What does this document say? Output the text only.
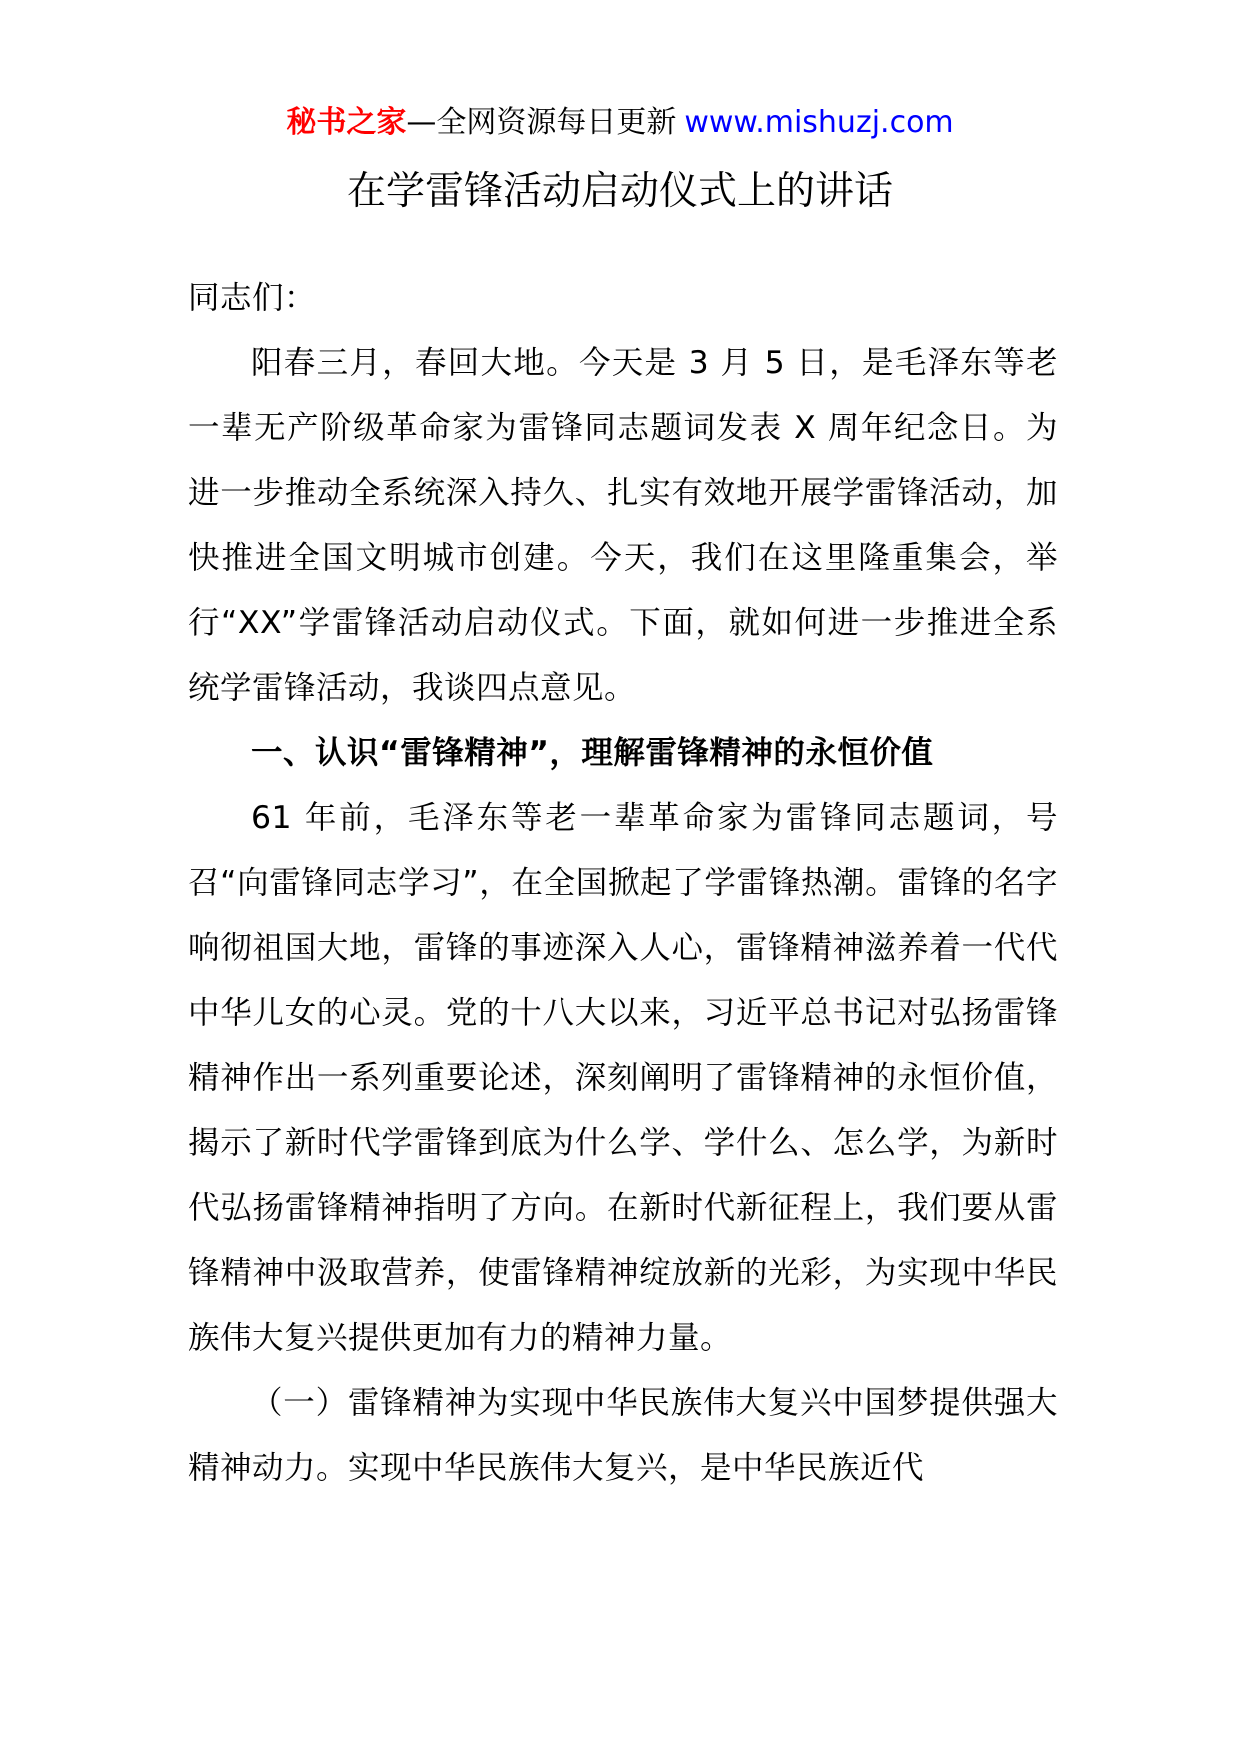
秘书之家—全网资源每日更新 www.mishuzj.com
在学雷锋活动启动仪式上的讲话

同志们：

阳春三月，春回大地。今天是 3 月 5 日，是毛泽东等老一辈无产阶级革命家为雷锋同志题词发表 X 周年纪念日。为进一步推动全系统深入持久、扎实有效地开展学雷锋活动，加快推进全国文明城市创建。今天，我们在这里隆重集会，举行“XX”学雷锋活动启动仪式。下面，就如何进一步推进全系统学雷锋活动，我谈四点意见。

一、认识“雷锋精神”，理解雷锋精神的永恒价值

61 年前，毛泽东等老一辈革命家为雷锋同志题词，号召“向雷锋同志学习”，在全国掀起了学雷锋热潮。雷锋的名字响彻祖国大地，雷锋的事迹深入人心，雷锋精神滋养着一代代中华儿女的心灵。党的十八大以来，习近平总书记对弘扬雷锋精神作出一系列重要论述，深刻阐明了雷锋精神的永恒价值，揭示了新时代学雷锋到底为什么学、学什么、怎么学，为新时代弘扬雷锋精神指明了方向。在新时代新征程上，我们要从雷锋精神中汲取营养，使雷锋精神绽放新的光彩，为实现中华民族伟大复兴提供更加有力的精神力量。

（一）雷锋精神为实现中华民族伟大复兴中国梦提供强大精神动力。实现中华民族伟大复兴，是中华民族近代
